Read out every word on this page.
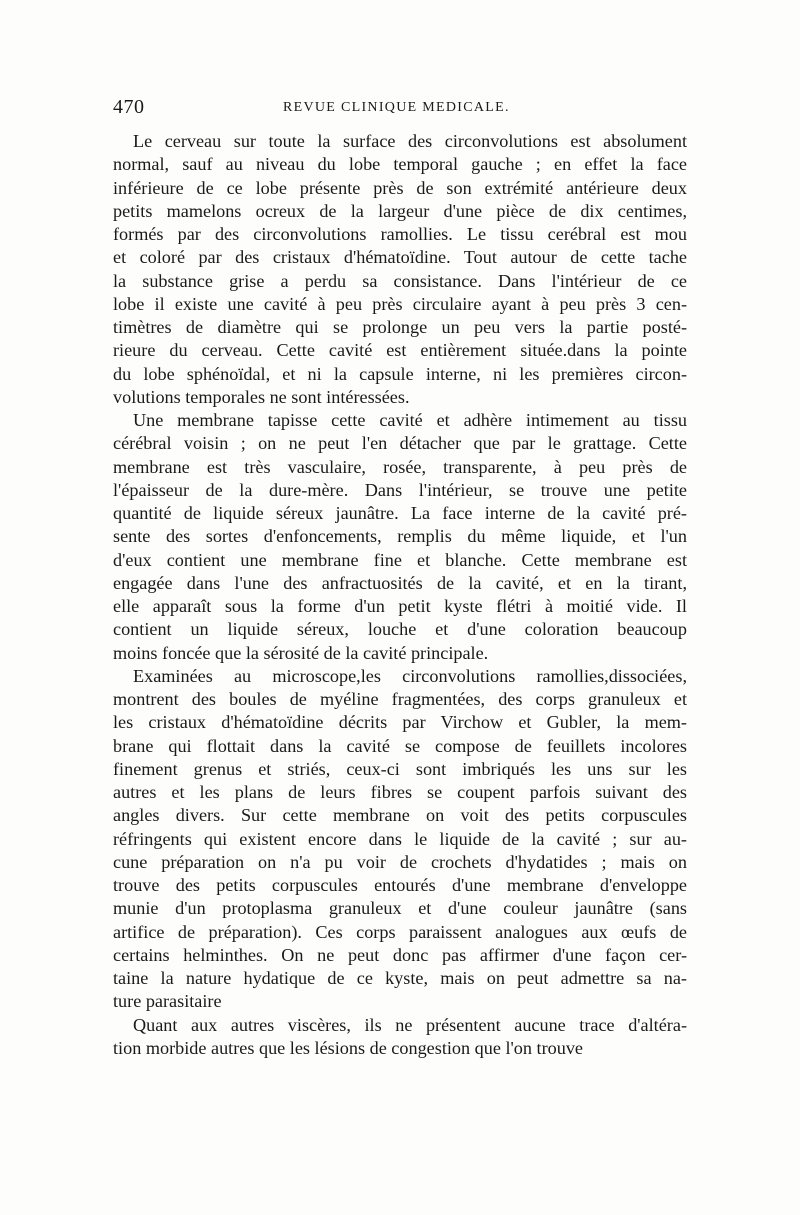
470	REVUE CLINIQUE MEDICALE.
Le cerveau sur toute la surface des circonvolutions est absolument
normal, sauf au niveau du lobe temporal gauche ; en effet la face
inférieure de ce lobe présente près de son extrémité antérieure deux
petits mamelons ocreux de la largeur d'une pièce de dix centimes,
formés par des circonvolutions ramollies. Le tissu cerébral est mou
et coloré par des cristaux d'hématoïdine. Tout autour de cette tache
la substance grise a perdu sa consistance. Dans l'intérieur de ce
lobe il existe une cavité à peu près circulaire ayant à peu près 3 cen-
timètres de diamètre qui se prolonge un peu vers la partie posté-
rieure du cerveau. Cette cavité est entièrement située.dans la pointe
du lobe sphénoïdal, et ni la capsule interne, ni les premières circon-
volutions temporales ne sont intéressées.
Une membrane tapisse cette cavité et adhère intimement au tissu
cérébral voisin ; on ne peut l'en détacher que par le grattage. Cette
membrane est très vasculaire, rosée, transparente, à peu près de
l'épaisseur de la dure-mère. Dans l'intérieur, se trouve une petite
quantité de liquide séreux jaunâtre. La face interne de la cavité pré-
sente des sortes d'enfoncements, remplis du même liquide, et l'un
d'eux contient une membrane fine et blanche. Cette membrane est
engagée dans l'une des anfractuosités de la cavité, et en la tirant,
elle apparaît sous la forme d'un petit kyste flétri à moitié vide. Il
contient un liquide séreux, louche et d'une coloration beaucoup
moins foncée que la sérosité de la cavité principale.
Examinées au microscope,les circonvolutions ramollies,dissociées,
montrent des boules de myéline fragmentées, des corps granuleux et
les cristaux d'hématoïdine décrits par Virchow et Gubler, la mem-
brane qui flottait dans la cavité se compose de feuillets incolores
finement grenus et striés, ceux-ci sont imbriqués les uns sur les
autres et les plans de leurs fibres se coupent parfois suivant des
angles divers. Sur cette membrane on voit des petits corpuscules
réfringents qui existent encore dans le liquide de la cavité ; sur au-
cune préparation on n'a pu voir de crochets d'hydatides ; mais on
trouve des petits corpuscules entourés d'une membrane d'enveloppe
munie d'un protoplasma granuleux et d'une couleur jaunâtre (sans
artifice de préparation). Ces corps paraissent analogues aux œufs de
certains helminthes. On ne peut donc pas affirmer d'une façon cer-
taine la nature hydatique de ce kyste, mais on peut admettre sa na-
ture parasitaire
Quant aux autres viscères, ils ne présentent aucune trace d'altéra-
tion morbide autres que les lésions de congestion que l'on trouve
